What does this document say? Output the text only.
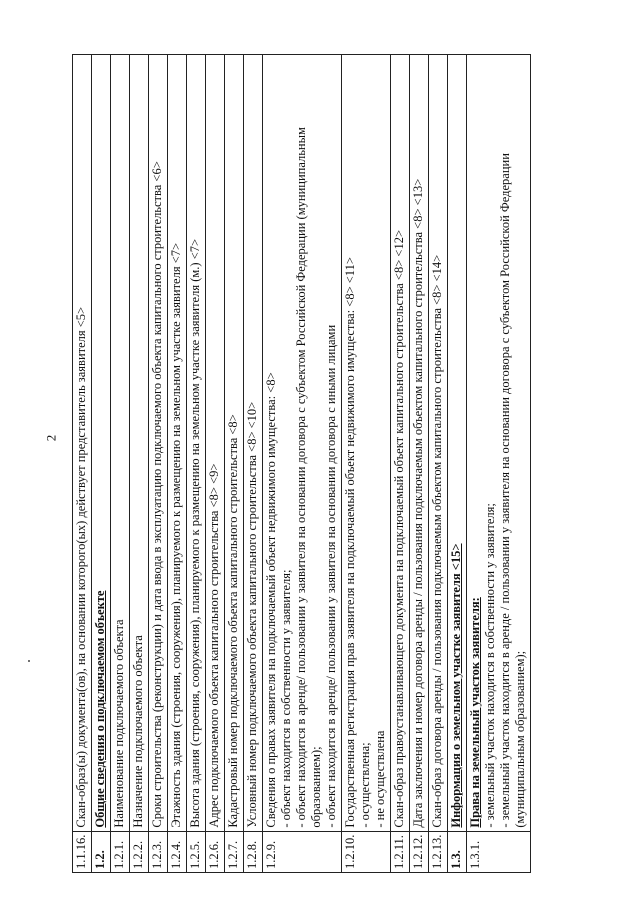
2
1.1.16.	Скан-образ(ы) документа(ов), на основании которого(ых) действует представитель заявителя <5>
1.2.	Общие сведения о подключаемом объекте
1.2.1.	Наименование подключаемого объекта
1.2.2.	Назначение подключаемого объекта
1.2.3.	Сроки строительства (реконструкции) и дата ввода в эксплуатацию подключаемого объекта капитального строительства <6>
1.2.4.	Этажность здания (строения, сооружения), планируемого к размещению на земельном участке заявителя <7>
1.2.5.	Высота здания (строения, сооружения), планируемого к размещению на земельном участке заявителя (м.) <7>
1.2.6.	Адрес подключаемого объекта капитального строительства <8> <9>
1.2.7.	Кадастровый номер подключаемого объекта капитального строительства <8>
1.2.8.	Условный номер подключаемого объекта капитального строительства <8> <10>
1.2.9.	Сведения о правах заявителя на подключаемый объект недвижимого имущества: <8> - объект находится в собственности у заявителя; - объект находится в аренде/ пользовании у заявителя на основании договора с субъектом Российской Федерации (муниципальным образованием); - объект находится в аренде/ пользовании у заявителя на основании договора с иными лицами

1.2.10.	Государственная регистрация прав заявителя на подключаемый объект недвижимого имущества: <8> <11> - осуществлена; - не осуществлена

1.2.11.	Скан-образ правоустанавливающего документа на подключаемый объект капитального строительства <8> <12>
1.2.12.	Дата заключения и номер договора аренды / пользования подключаемым объектом капитального строительства <8> <13>
1.2.13.	Скан-образ договора аренды / пользования подключаемым объектом капитального строительства <8> <14>
1.3.	Информация о земельном участке заявителя <15>
1.3.1.	Права на земельный участок заявителя: - земельный участок находится в собственности у заявителя; - земельный участок находится в аренде / пользовании у заявителя на основании договора с субъектом Российской Федерации (муниципальным образованием);
